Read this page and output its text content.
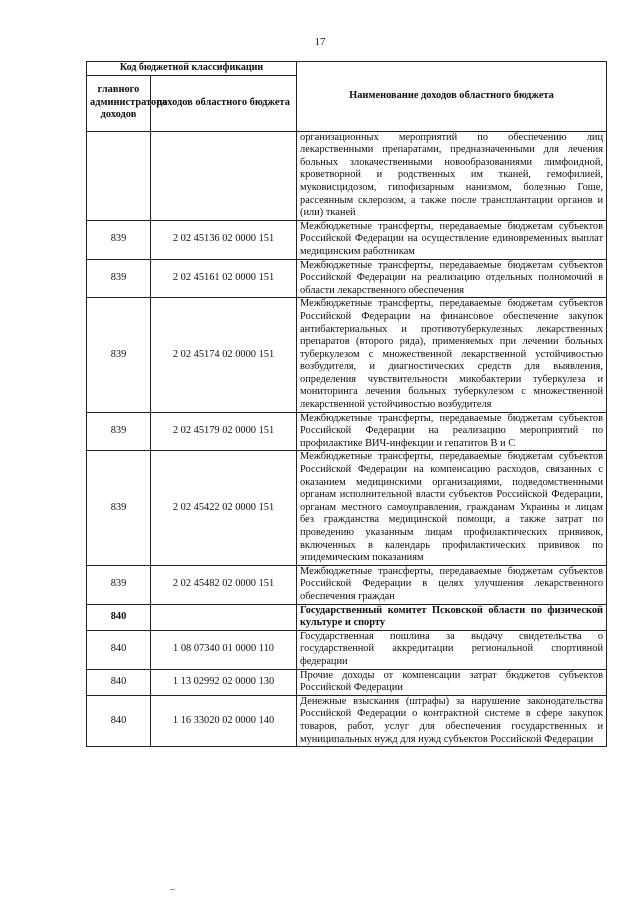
17
Код бюджетной классификации		Наименование доходов областного бюджета
главного администратора доходов	доходов областного бюджета	
		организационных мероприятий по обеспечению лиц лекарственными препаратами, предназначенными для лечения больных злокачественными новообразованиями лимфоидной, кроветворной и родственных им тканей, гемофилией, муковисцидозом, гипофизарным нанизмом, болезнью Гоше, рассеянным склерозом, а также после трансплантации органов и (или) тканей
839	2 02 45136 02 0000 151	Межбюджетные трансферты, передаваемые бюджетам субъектов Российской Федерации на осуществление единовременных выплат медицинским работникам
839	2 02 45161 02 0000 151	Межбюджетные трансферты, передаваемые бюджетам субъектов Российской Федерации на реализацию отдельных полномочий в области лекарственного обеспечения
839	2 02 45174 02 0000 151	Межбюджетные трансферты, передаваемые бюджетам субъектов Российской Федерации на финансовое обеспечение закупок антибактериальных и противотуберкулезных лекарственных препаратов (второго ряда), применяемых при лечении больных туберкулезом с множественной лекарственной устойчивостью возбудителя, и диагностических средств для выявления, определения чувствительности микобактерии туберкулеза и мониторинга лечения больных туберкулезом с множественной лекарственной устойчивостью возбудителя
839	2 02 45179 02 0000 151	Межбюджетные трансферты, передаваемые бюджетам субъектов Российской Федерации на реализацию мероприятий по профилактике ВИЧ-инфекции и гепатитов В и С
839	2 02 45422 02 0000 151	Межбюджетные трансферты, передаваемые бюджетам субъектов Российской Федерации на компенсацию расходов, связанных с оказанием медицинскими организациями, подведомственными органам исполнительной власти субъектов Российской Федерации, органам местного самоуправления, гражданам Украины и лицам без гражданства медицинской помощи, а также затрат по проведению указанным лицам профилактических прививок, включенных в календарь профилактических прививок по эпидемическим показаниям
839	2 02 45482 02 0000 151	Межбюджетные трансферты, передаваемые бюджетам субъектов Российской Федерации в целях улучшения лекарственного обеспечения граждан
840		Государственный комитет Псковской области по физической культуре и спорту
840	1 08 07340 01 0000 110	Государственная пошлина за выдачу свидетельства о государственной аккредитации региональной спортивной федерации
840	1 13 02992 02 0000 130	Прочие доходы от компенсации затрат бюджетов субъектов Российской Федерации
840	1 16 33020 02 0000 140	Денежные взыскания (штрафы) за нарушение законодательства Российской Федерации о контрактной системе в сфере закупок товаров, работ, услуг для обеспечения государственных и муниципальных нужд для нужд субъектов Российской Федерации
–
